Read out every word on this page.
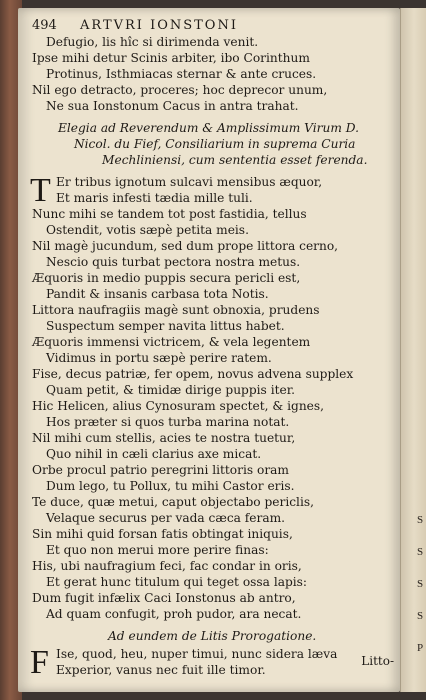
S
S
S
S
P
494 ARTVRI IONSTONI
Defugio, lis hîc si dirimenda venit.
Ipse mihi detur Scinis arbiter, ibo Corinthum
Protinus, Isthmiacas sternar & ante cruces.
Nil ego detracto, proceres; hoc deprecor unum,
Ne sua Ionstonum Cacus in antra trahat.
Elegia ad Reverendum & Amplissimum Virum D.
Nicol. du Fief, Consiliarium in suprema Curia
Mechliniensi, cum sententia esset ferenda.
T Er tribus ignotum sulcavi mensibus æquor,
Et maris infesti tædia mille tuli.
Nunc mihi se tandem tot post fastidia, tellus
Ostendit, votis sæpè petita meis.
Nil magè jucundum, sed dum prope littora cerno,
Nescio quis turbat pectora nostra metus.
Æquoris in medio puppis secura pericli est,
Pandit & insanis carbasa tota Notis.
Littora naufragiis magè sunt obnoxia, prudens
Suspectum semper navita littus habet.
Æquoris immensi victricem, & vela legentem
Vidimus in portu sæpè perire ratem.
Fise, decus patriæ, fer opem, novus advena supplex
Quam petit, & timidæ dirige puppis iter.
Hic Helicen, alius Cynosuram spectet, & ignes,
Hos præter si quos turba marina notat.
Nil mihi cum stellis, acies te nostra tuetur,
Quo nihil in cæli clarius axe micat.
Orbe procul patrio peregrini littoris oram
Dum lego, tu Pollux, tu mihi Castor eris.
Te duce, quæ metui, caput objectabo periclis,
Velaque securus per vada cæca feram.
Sin mihi quid forsan fatis obtingat iniquis,
Et quo non merui more perire finas:
His, ubi naufragium feci, fac condar in oris,
Et gerat hunc titulum qui teget ossa lapis:
Dum fugit infælix Caci Ionstonus ab antro,
Ad quam confugit, proh pudor, ara necat.
Ad eundem de Litis Prorogatione.
F Ise, quod, heu, nuper timui, nunc sidera læva
Experior, vanus nec fuit ille timor.
Litto-
